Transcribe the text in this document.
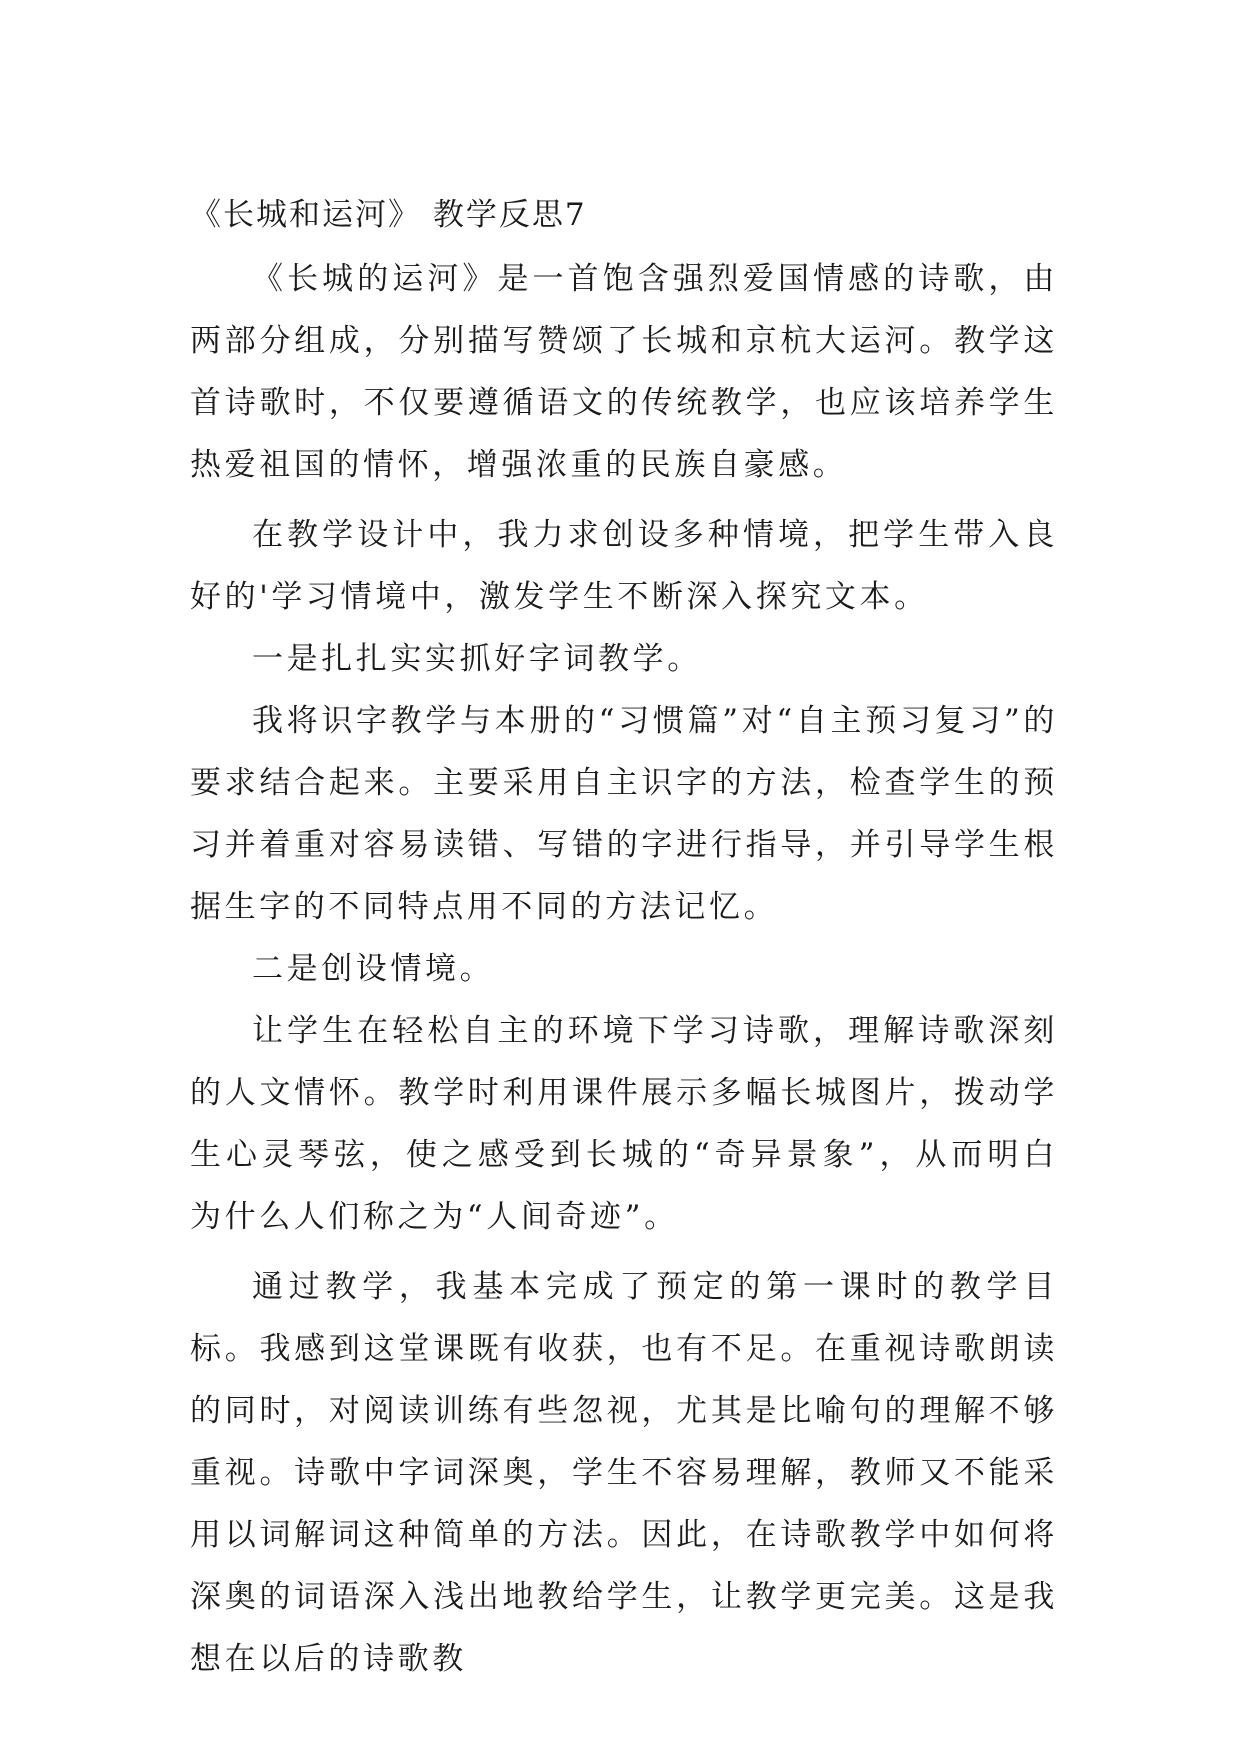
《长城和运河》 教学反思7

《长城的运河》是一首饱含强烈爱国情感的诗歌，由两部分组成，分别描写赞颂了长城和京杭大运河。教学这首诗歌时，不仅要遵循语文的传统教学，也应该培养学生热爱祖国的情怀，增强浓重的民族自豪感。

在教学设计中，我力求创设多种情境，把学生带入良好的'学习情境中，激发学生不断深入探究文本。

一是扎扎实实抓好字词教学。

我将识字教学与本册的“习惯篇”对“自主预习复习”的要求结合起来。主要采用自主识字的方法，检查学生的预习并着重对容易读错、写错的字进行指导，并引导学生根据生字的不同特点用不同的方法记忆。

二是创设情境。

让学生在轻松自主的环境下学习诗歌，理解诗歌深刻的人文情怀。教学时利用课件展示多幅长城图片，拨动学生心灵琴弦，使之感受到长城的“奇异景象”，从而明白为什么人们称之为“人间奇迹”。

通过教学，我基本完成了预定的第一课时的教学目标。我感到这堂课既有收获，也有不足。在重视诗歌朗读的同时，对阅读训练有些忽视，尤其是比喻句的理解不够重视。诗歌中字词深奥，学生不容易理解，教师又不能采用以词解词这种简单的方法。因此，在诗歌教学中如何将深奥的词语深入浅出地教给学生，让教学更完美。这是我想在以后的诗歌教
